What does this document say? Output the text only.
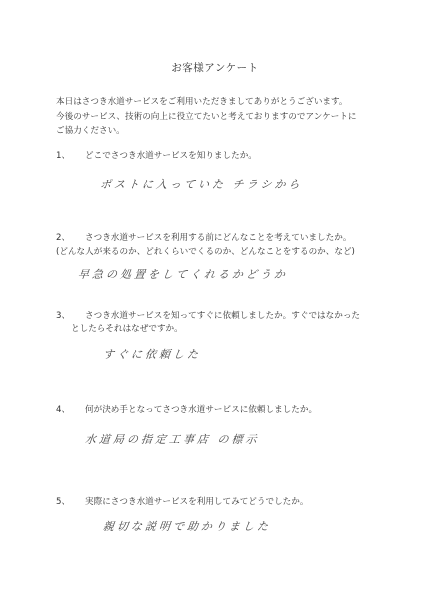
お客様アンケート
本日はさつき水道サービスをご利用いただきましてありがとうございます。
今後のサービス、技術の向上に役立てたいと考えておりますのでアンケートに
ご協力ください。
1、 どこでさつき水道サービスを知りましたか。
ポストに入っていた チラシから
2、 さつき水道サービスを利用する前にどんなことを考えていましたか。
(どんな人が来るのか、どれくらいでくるのか、どんなことをするのか、など)
早急の処置をしてくれるかどうか
3、 さつき水道サービスを知ってすぐに依頼しましたか。すぐではなかった
としたらそれはなぜですか。
すぐに依頼した
4、 何が決め手となってさつき水道サービスに依頼しましたか。
水道局の指定工事店 の標示
5、 実際にさつき水道サービスを利用してみてどうでしたか。
親切な説明で助かりました
